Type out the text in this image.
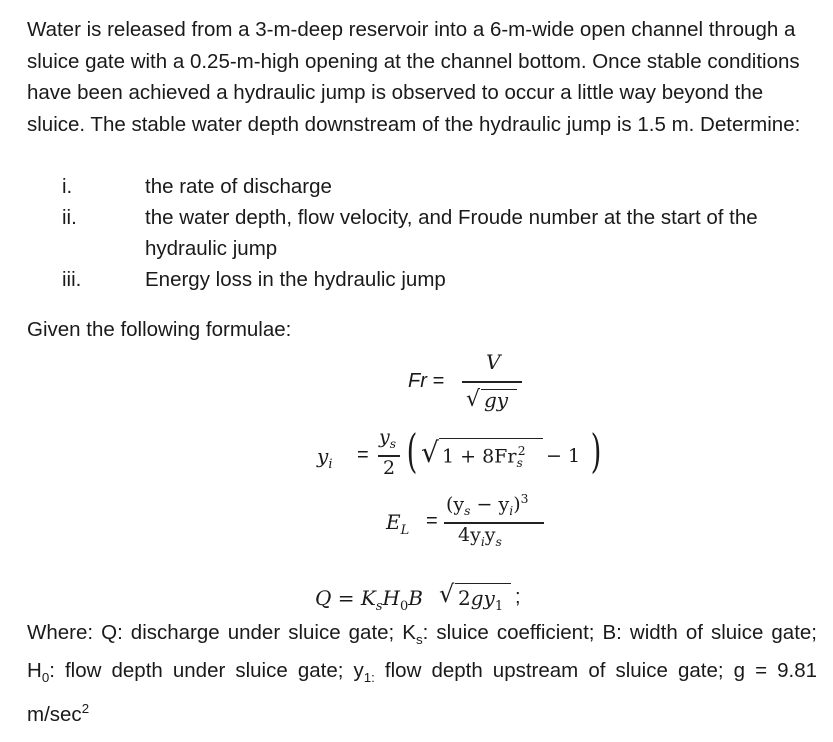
Water is released from a 3-m-deep reservoir into a 6-m-wide open channel through a sluice gate with a 0.25-m-high opening at the channel bottom. Once stable conditions have been achieved a hydraulic jump is observed to occur a little way beyond the sluice. The stable water depth downstream of the hydraulic jump is 1.5 m. Determine:
i.	the rate of discharge
ii.	the water depth, flow velocity, and Froude number at the start of the hydraulic jump
iii.	Energy loss in the hydraulic jump
Given the following formulae:
Fr =
V
√ gy
$y_i$ =
$y_s$
2 ( √ $1 + 8Fr_s^2 - 1$ )
$E_L$ =
$(y_s - y_i)^3$
$4y_iy_s$
$Q = K_sH_0B$ √ $2gy_1$ ;
Where: Q: discharge under sluice gate; $K_s$: sluice coefficient; B: width of sluice gate; $H_0$: flow depth under sluice gate; $y_{1:}$ flow depth upstream of sluice gate; g = 9.81 $m/\sec^2$
